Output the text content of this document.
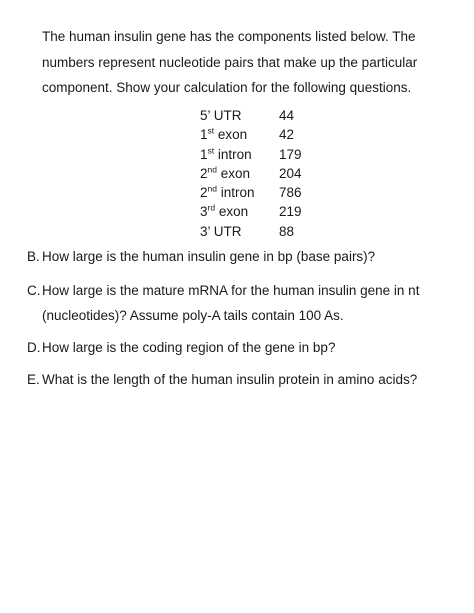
The human insulin gene has the components listed below. The

numbers represent nucleotide pairs that make up the particular

component. Show your calculation for the following questions.

5’ UTR	44
1st exon	42
1st intron	179
2nd exon	204
2nd intron	786
3rd exon	219
3’ UTR	88
B. How large is the human insulin gene in bp (base pairs)?
C. How large is the mature mRNA for the human insulin gene in nt
(nucleotides)? Assume poly-A tails contain 100 As.
D. How large is the coding region of the gene in bp?
E. What is the length of the human insulin protein in amino acids?
